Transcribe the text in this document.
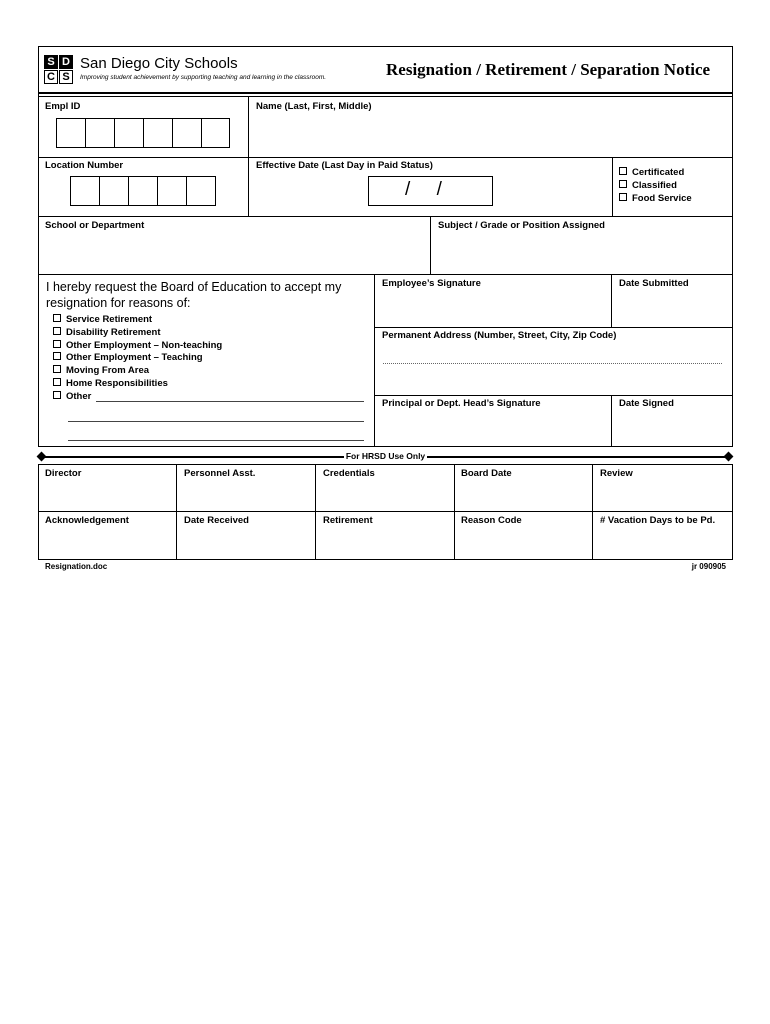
S D
C S
San Diego City Schools
Improving student achievement by supporting teaching and learning in the classroom.	Resignation / Retirement / Separation Notice
Empl ID	Name (Last, First, Middle)
Location Number	Effective Date (Last Day in Paid Status)
/     /
Certificated
Classified
Food Service
School or Department	Subject / Grade or Position Assigned
I hereby request the Board of Education to accept my
resignation for reasons of:
Service Retirement
Disability Retirement
Other Employment – Non-teaching
Other Employment – Teaching
Moving From Area
Home Responsibilities
Other
Employee’s Signature	Date Submitted
Permanent Address (Number, Street, City, Zip Code)
Principal or Dept. Head’s Signature	Date Signed
For HRSD Use Only
Director	Personnel Asst.	Credentials	Board Date	Review
Acknowledgement	Date Received	Retirement	Reason Code	# Vacation Days to be Pd.
Resignation.doc	jr 090905
